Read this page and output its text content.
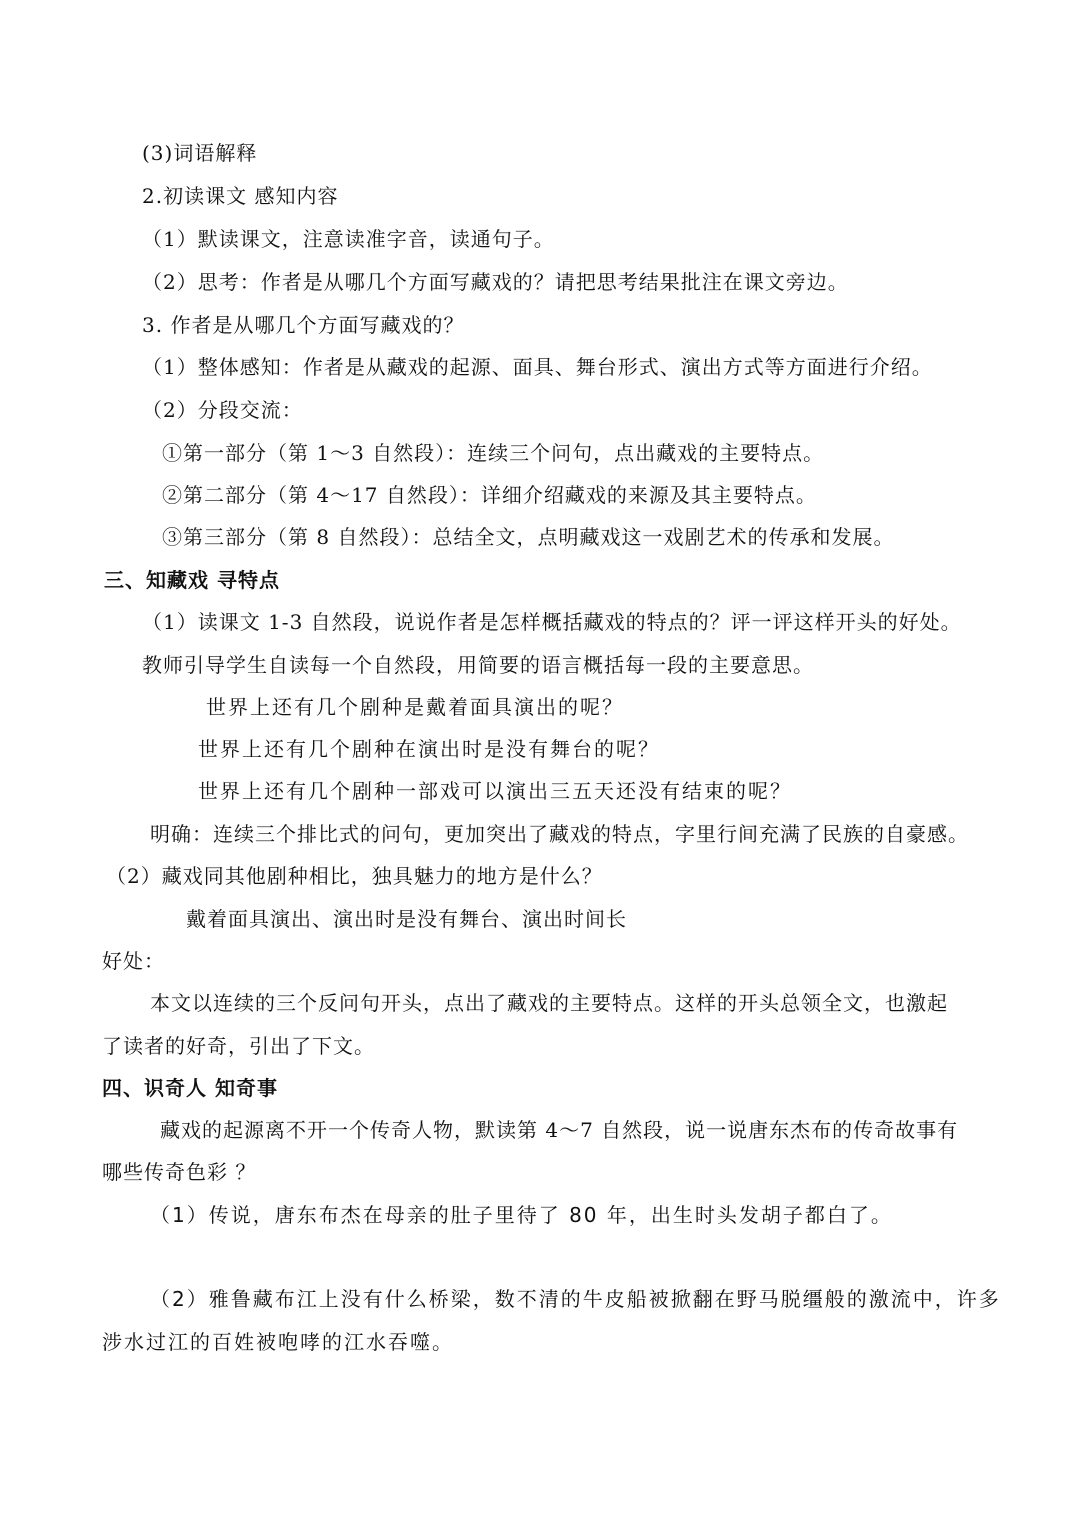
(3)词语解释

2.初读课文 感知内容

（1）默读课文，注意读准字音，读通句子。

（2）思考：作者是从哪几个方面写藏戏的？请把思考结果批注在课文旁边。

3. 作者是从哪几个方面写藏戏的？

（1）整体感知：作者是从藏戏的起源、面具、舞台形式、演出方式等方面进行介绍。

（2）分段交流：

①第一部分（第 1～3 自然段）：连续三个问句，点出藏戏的主要特点。

②第二部分（第 4～17 自然段）：详细介绍藏戏的来源及其主要特点。

③第三部分（第 8 自然段）：总结全文，点明藏戏这一戏剧艺术的传承和发展。

三、知藏戏 寻特点

（1）读课文 1-3 自然段，说说作者是怎样概括藏戏的特点的？评一评这样开头的好处。

教师引导学生自读每一个自然段，用简要的语言概括每一段的主要意思。

世界上还有几个剧种是戴着面具演出的呢？

世界上还有几个剧种在演出时是没有舞台的呢？

世界上还有几个剧种一部戏可以演出三五天还没有结束的呢？

明确：连续三个排比式的问句，更加突出了藏戏的特点，字里行间充满了民族的自豪感。

（2）藏戏同其他剧种相比，独具魅力的地方是什么？

戴着面具演出、演出时是没有舞台、演出时间长

好处：

本文以连续的三个反问句开头，点出了藏戏的主要特点。这样的开头总领全文，也激起

了读者的好奇，引出了下文。

四、识奇人 知奇事

藏戏的起源离不开一个传奇人物，默读第 4～7 自然段，说一说唐东杰布的传奇故事有

哪些传奇色彩 ？

（1）传说，唐东布杰在母亲的肚子里待了 80 年，出生时头发胡子都白了。

（2）雅鲁藏布江上没有什么桥梁，数不清的牛皮船被掀翻在野马脱缰般的激流中，许多

涉水过江的百姓被咆哮的江水吞噬。
